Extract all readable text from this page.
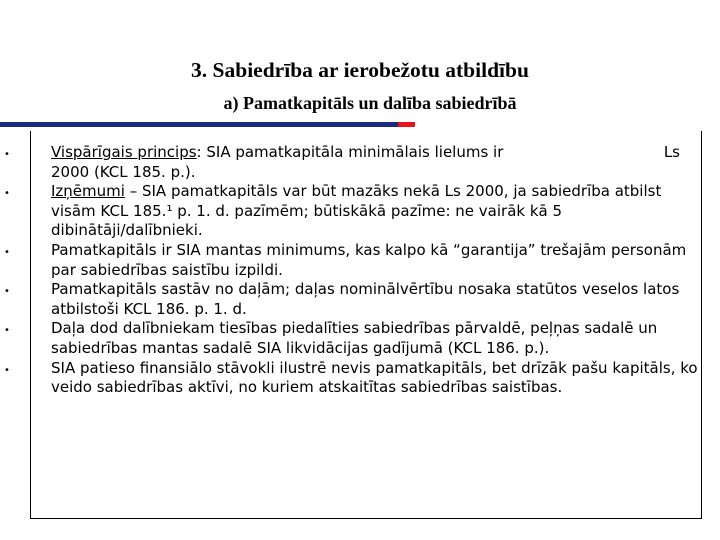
3. Sabiedrība ar ierobežotu atbildību
a) Pamatkapitāls un dalība sabiedrībā
•	Vispārīgais princips: SIA pamatkapitāla minimālais lielums ir	Ls

2000 (KCL 185. p.).
•	Izņēmumi – SIA pamatkapitāls var būt mazāks nekā Ls 2000, ja sabiedrība atbilst visām KCL 185.¹ p. 1. d. pazīmēm; būtiskākā pazīme: ne vairāk kā 5 dibinātāji/dalībnieki.
•	Pamatkapitāls ir SIA mantas minimums, kas kalpo kā “garantija” trešajām personām par sabiedrības saistību izpildi.
•	Pamatkapitāls sastāv no daļām; daļas nominālvērtību nosaka statūtos veselos latos atbilstoši KCL 186. p. 1. d.
•	Daļa dod dalībniekam tiesības piedalīties sabiedrības pārvaldē, peļņas sadalē un sabiedrības mantas sadalē SIA likvidācijas gadījumā (KCL 186. p.).
•	SIA patieso finansiālo stāvokli ilustrē nevis pamatkapitāls, bet drīzāk pašu kapitāls, ko veido sabiedrības aktīvi, no kuriem atskaitītas sabiedrības saistības.
